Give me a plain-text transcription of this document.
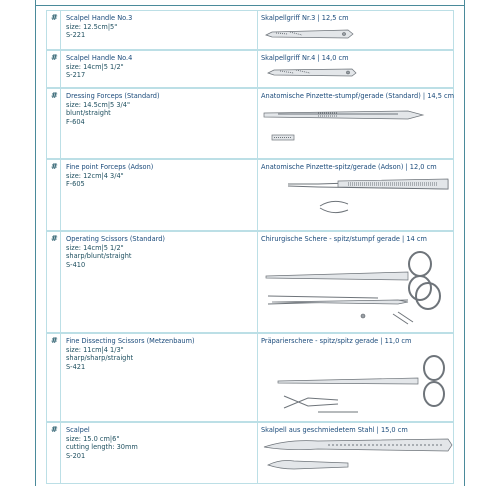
# Scalpel Handle No.3
size: 12.5cm|5"
S-221
Skalpellgriff Nr.3 | 12,5 cm
# Scalpel Handle No.4
size: 14cm|5 1/2"
S-217
Skalpellgriff Nr.4 | 14,0 cm
# Dressing Forceps (Standard)
size: 14.5cm|5 3/4"
blunt/straight
F-604
Anatomische Pinzette-stumpf/gerade (Standard) | 14,5 cm
# Fine point Forceps (Adson)
size: 12cm|4 3/4"
F-605
Anatomische Pinzette-spitz/gerade (Adson) | 12,0 cm
# Operating Scissors (Standard)
size: 14cm|5 1/2"
sharp/blunt/straight
S-410
Chirurgische Schere - spitz/stumpf gerade | 14 cm
# Fine Dissecting Scissors (Metzenbaum)
size: 11cm|4 1/3"
sharp/sharp/straight
S-421
Präparierschere - spitz/spitz gerade | 11,0 cm
# Scalpel
size: 15.0 cm|6"
cutting length: 30mm
S-201
Skalpell aus geschmiedetem Stahl | 15,0 cm
